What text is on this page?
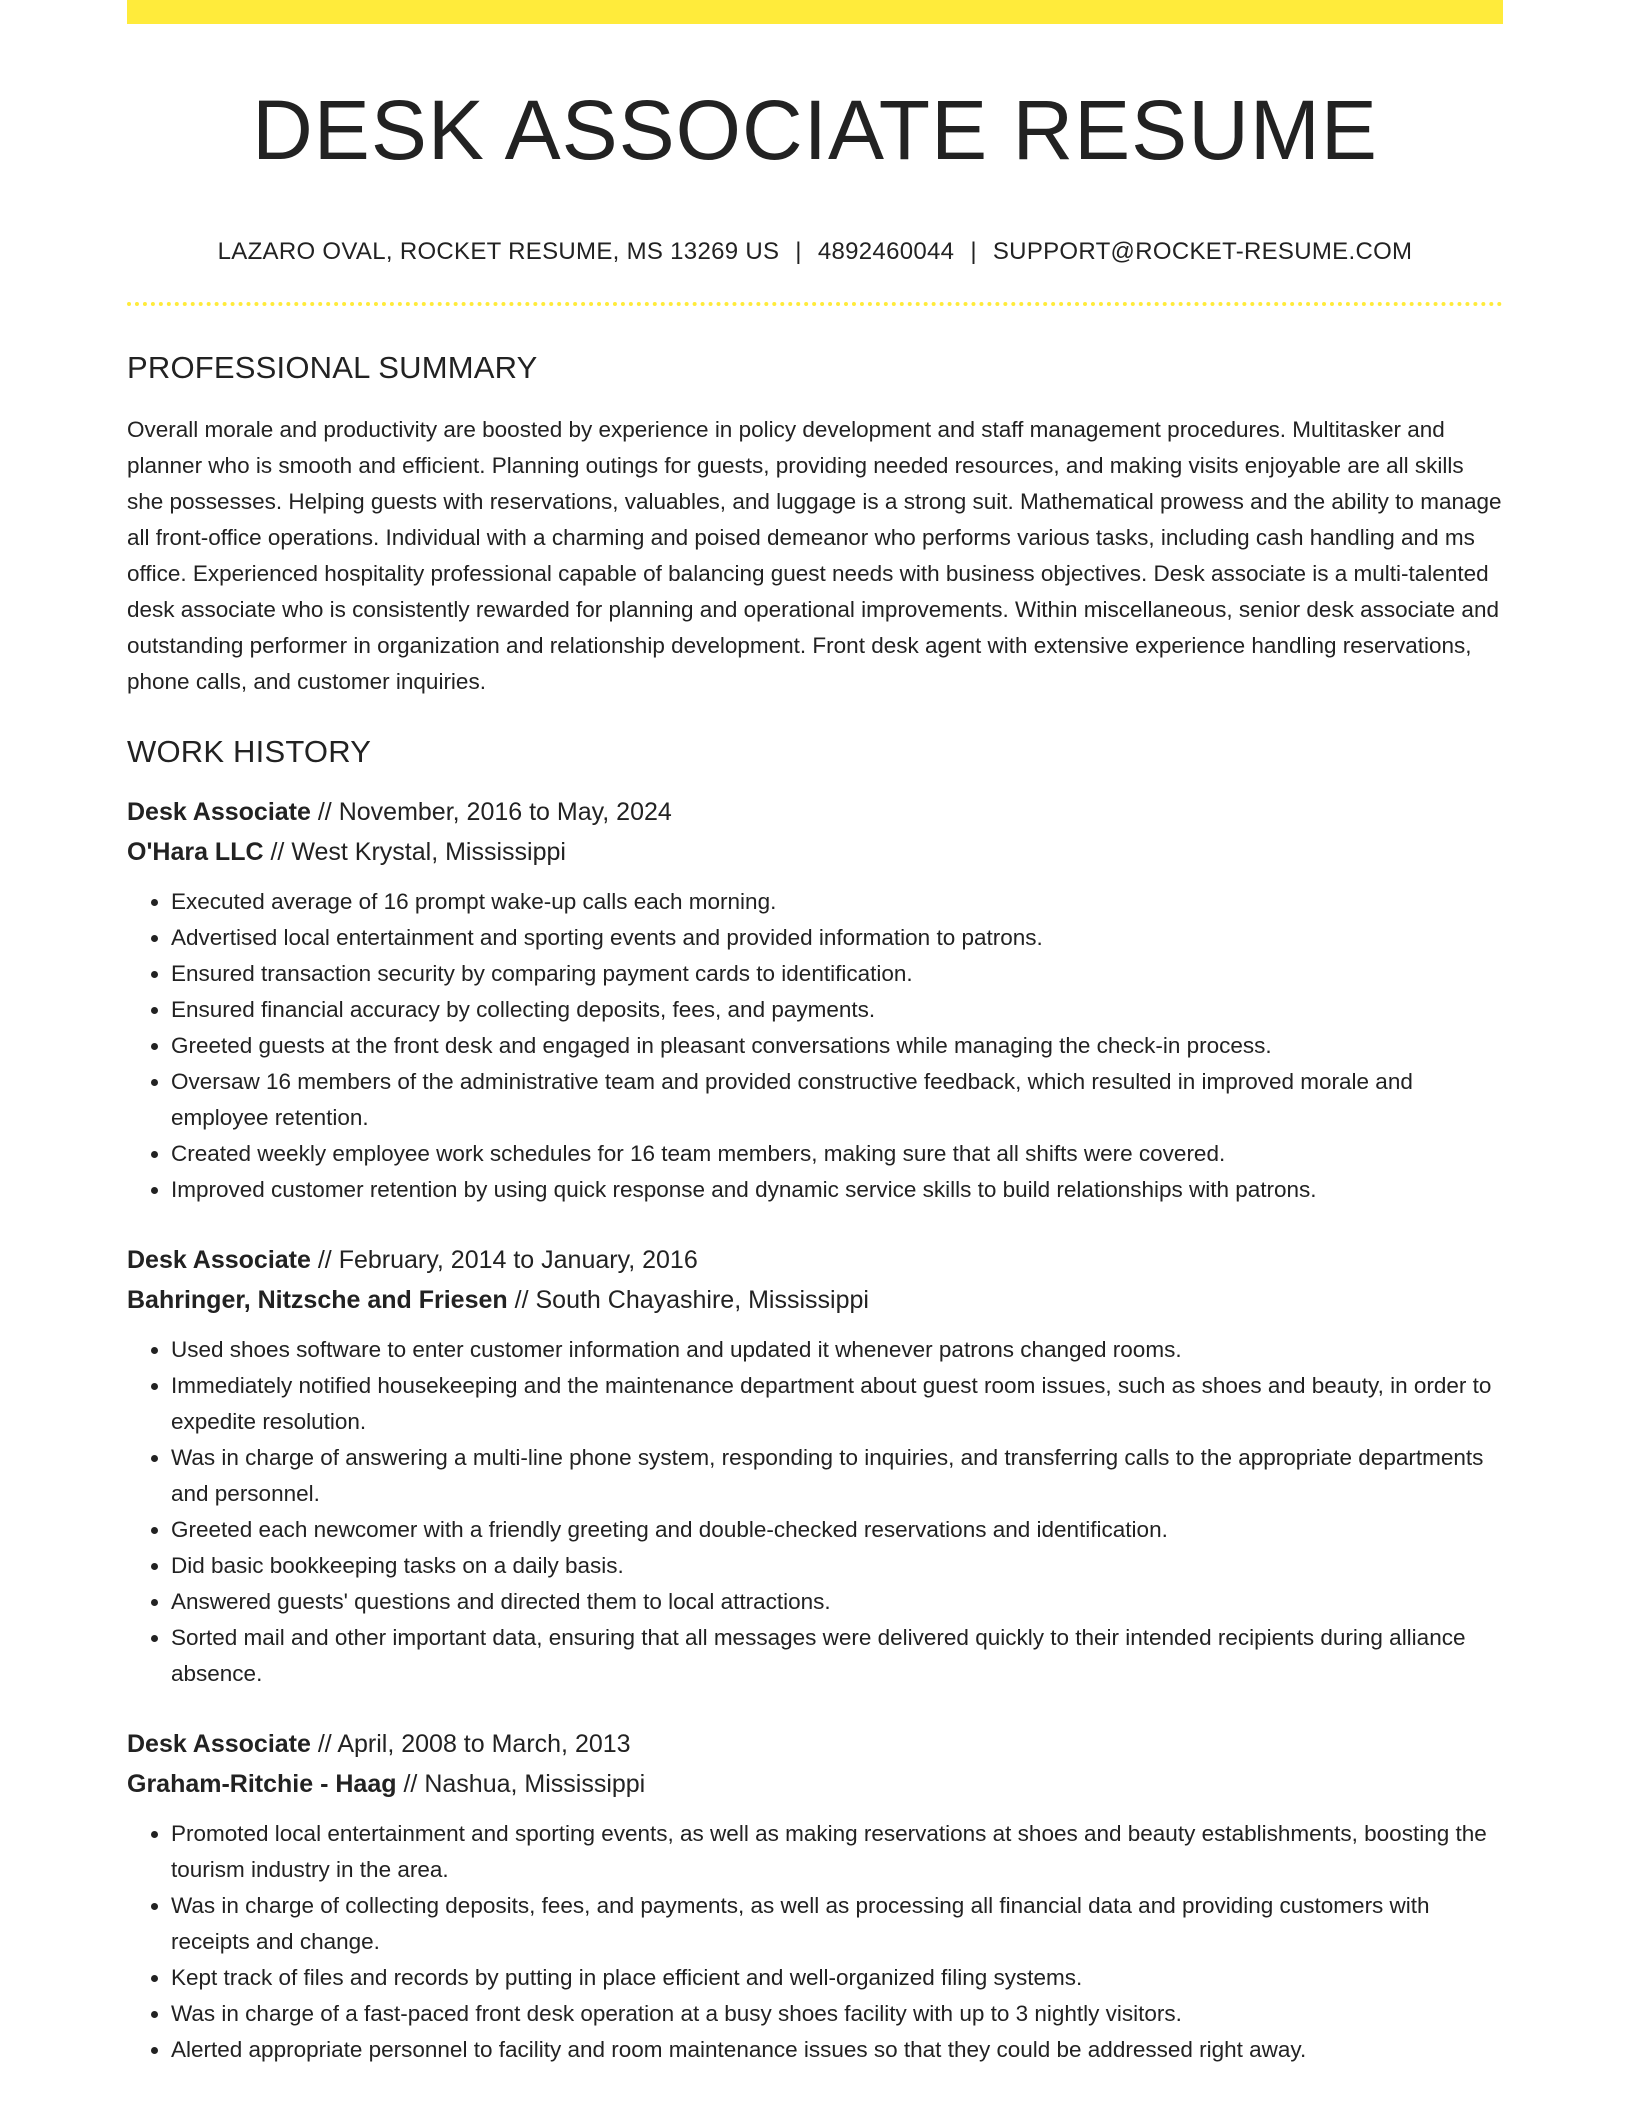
DESK ASSOCIATE RESUME
LAZARO OVAL, ROCKET RESUME, MS 13269 US | 4892460044 | SUPPORT@ROCKET-RESUME.COM
PROFESSIONAL SUMMARY

Overall morale and productivity are boosted by experience in policy development and staff management procedures. Multitasker and planner who is smooth and efficient. Planning outings for guests, providing needed resources, and making visits enjoyable are all skills she possesses. Helping guests with reservations, valuables, and luggage is a strong suit. Mathematical prowess and the ability to manage all front-office operations. Individual with a charming and poised demeanor who performs various tasks, including cash handling and ms office. Experienced hospitality professional capable of balancing guest needs with business objectives. Desk associate is a multi-talented desk associate who is consistently rewarded for planning and operational improvements. Within miscellaneous, senior desk associate and outstanding performer in organization and relationship development. Front desk agent with extensive experience handling reservations, phone calls, and customer inquiries.

WORK HISTORY
Desk Associate // November, 2016 to May, 2024
O'Hara LLC // West Krystal, Mississippi
• Executed average of 16 prompt wake-up calls each morning.
• Advertised local entertainment and sporting events and provided information to patrons.
• Ensured transaction security by comparing payment cards to identification.
• Ensured financial accuracy by collecting deposits, fees, and payments.
• Greeted guests at the front desk and engaged in pleasant conversations while managing the check-in process.
• Oversaw 16 members of the administrative team and provided constructive feedback, which resulted in improved morale and employee retention.
• Created weekly employee work schedules for 16 team members, making sure that all shifts were covered.
• Improved customer retention by using quick response and dynamic service skills to build relationships with patrons.
Desk Associate // February, 2014 to January, 2016
Bahringer, Nitzsche and Friesen // South Chayashire, Mississippi
• Used shoes software to enter customer information and updated it whenever patrons changed rooms.
• Immediately notified housekeeping and the maintenance department about guest room issues, such as shoes and beauty, in order to expedite resolution.
• Was in charge of answering a multi-line phone system, responding to inquiries, and transferring calls to the appropriate departments and personnel.
• Greeted each newcomer with a friendly greeting and double-checked reservations and identification.
• Did basic bookkeeping tasks on a daily basis.
• Answered guests' questions and directed them to local attractions.
• Sorted mail and other important data, ensuring that all messages were delivered quickly to their intended recipients during alliance absence.
Desk Associate // April, 2008 to March, 2013
Graham-Ritchie - Haag // Nashua, Mississippi
• Promoted local entertainment and sporting events, as well as making reservations at shoes and beauty establishments, boosting the tourism industry in the area.
• Was in charge of collecting deposits, fees, and payments, as well as processing all financial data and providing customers with receipts and change.
• Kept track of files and records by putting in place efficient and well-organized filing systems.
• Was in charge of a fast-paced front desk operation at a busy shoes facility with up to 3 nightly visitors.
• Alerted appropriate personnel to facility and room maintenance issues so that they could be addressed right away.
